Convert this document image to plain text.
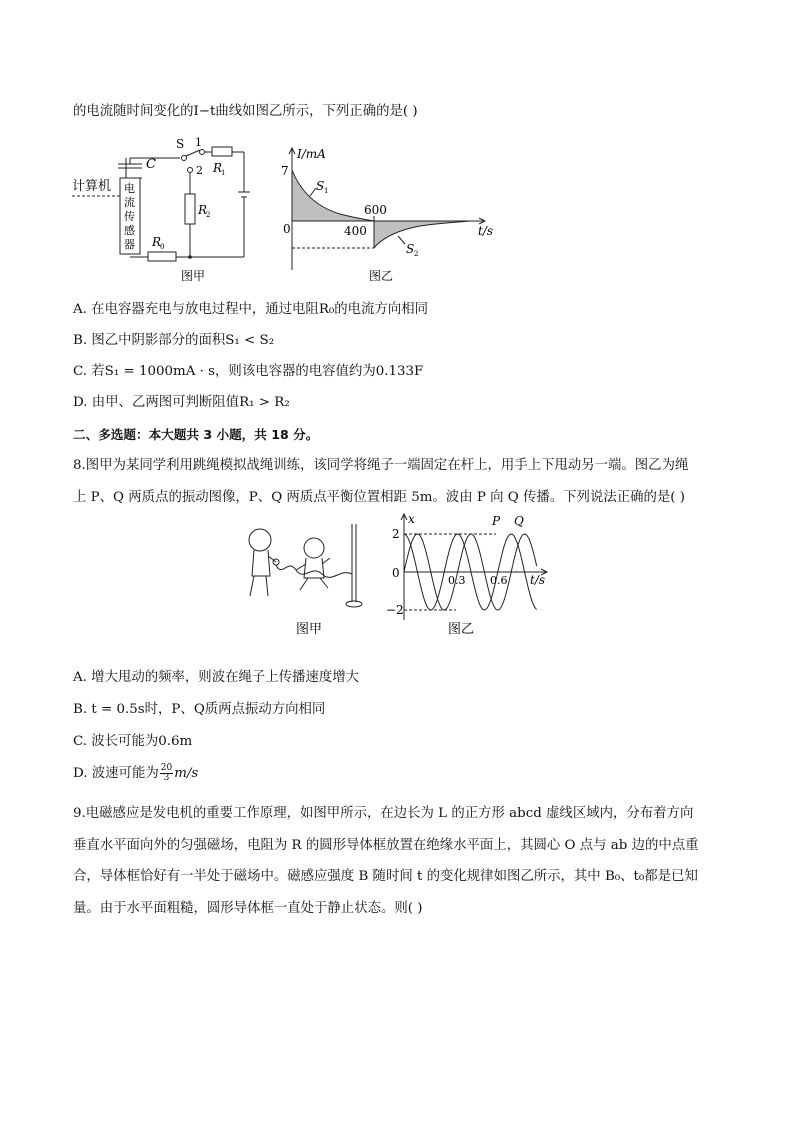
的电流随时间变化的I−t曲线如图乙所示，下列正确的是( )
计算机
C
S 1
2 R
1
R
2
R
0
电
流
传
感
器
图甲
I/mA
7
0	400
600
t/s
S 1
S 2
图乙
A. 在电容器充电与放电过程中，通过电阻R₀的电流方向相同
B. 图乙中阴影部分的面积S₁ < S₂
C. 若S₁ = 1000mA · s，则该电容器的电容值约为0.133F
D. 由甲、乙两图可判断阻值R₁ > R₂
二、多选题：本大题共 3 小题，共 18 分。
8.图甲为某同学利用跳绳模拟战绳训练，该同学将绳子一端固定在杆上，用手上下甩动另一端。图乙为绳
上 P、Q 两质点的振动图像，P、Q 两质点平衡位置相距 5m。波由 P 向 Q 传播。下列说法正确的是( )
图甲
x
2
0
−2
0.3 0.6 t/s
P Q
图乙
A. 增大甩动的频率，则波在绳子上传播速度增大
B. t = 0.5s时，P、Q质两点振动方向相同
C. 波长可能为0.6m
D. 波速可能为 $\frac{20}{3} m/s$
9.电磁感应是发电机的重要工作原理，如图甲所示，在边长为 L 的正方形 abcd 虚线区域内，分布着方向
垂直水平面向外的匀强磁场，电阻为 R 的圆形导体框放置在绝缘水平面上，其圆心 O 点与 ab 边的中点重
合，导体框恰好有一半处于磁场中。磁感应强度 B 随时间 t 的变化规律如图乙所示，其中 B₀、t₀都是已知
量。由于水平面粗糙，圆形导体框一直处于静止状态。则( )
